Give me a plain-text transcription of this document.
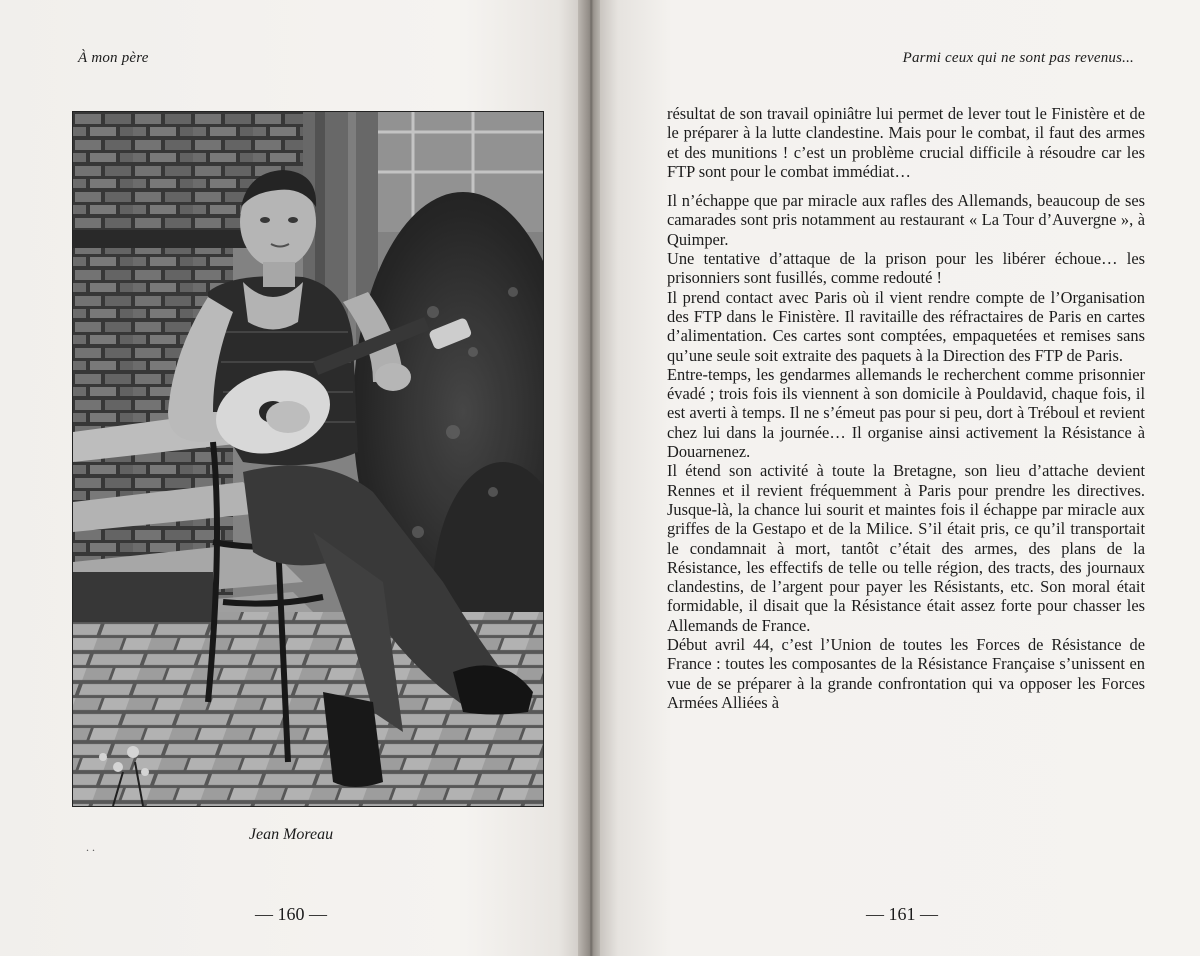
À mon père
. .
Jean Moreau
— 160 —
Parmi ceux qui ne sont pas revenus...
— 161 —

résultat de son travail opiniâtre lui permet de lever tout le Finistère et de le préparer à la lutte clandestine. Mais pour le combat, il faut des armes et des munitions ! c’est un problème crucial difficile à résoudre car les FTP sont pour le combat immédiat…

Il n’échappe que par miracle aux rafles des Allemands, beaucoup de ses camarades sont pris notamment au restaurant « La Tour d’Auvergne », à Quimper.

Une tentative d’attaque de la prison pour les libérer échoue… les prisonniers sont fusillés, comme redouté !

Il prend contact avec Paris où il vient rendre compte de l’Organisation des FTP dans le Finistère. Il ravitaille des réfractaires de Paris en cartes d’alimentation. Ces cartes sont comptées, empaquetées et remises sans qu’une seule soit extraite des paquets à la Direction des FTP de Paris.

Entre-temps, les gendarmes allemands le recherchent comme prisonnier évadé ; trois fois ils viennent à son domicile à Pouldavid, chaque fois, il est averti à temps. Il ne s’émeut pas pour si peu, dort à Tréboul et revient chez lui dans la journée… Il organise ainsi activement la Résistance à Douarnenez.

Il étend son activité à toute la Bretagne, son lieu d’attache devient Rennes et il revient fréquemment à Paris pour prendre les directives. Jusque-là, la chance lui sourit et maintes fois il échappe par miracle aux griffes de la Gestapo et de la Milice. S’il était pris, ce qu’il transportait le condamnait à mort, tantôt c’était des armes, des plans de la Résistance, les effectifs de telle ou telle région, des tracts, des journaux clandestins, de l’argent pour payer les Résistants, etc. Son moral était formidable, il disait que la Résistance était assez forte pour chasser les Allemands de France.

Début avril 44, c’est l’Union de toutes les Forces de Résistance de France : toutes les composantes de la Résistance Française s’unissent en vue de se préparer à la grande confrontation qui va opposer les Forces Armées Alliées à
